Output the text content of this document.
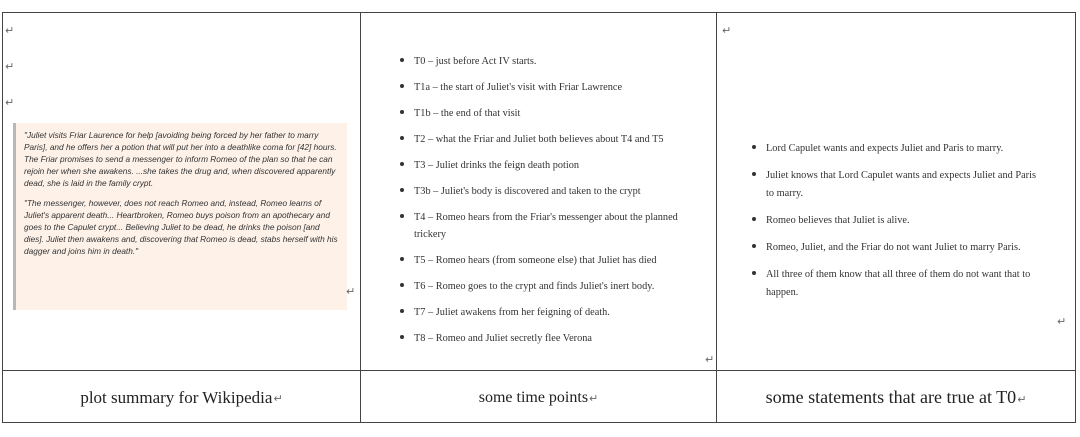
↵
↵
↵

"Juliet visits Friar Laurence for help [avoiding being forced by her father to marry Paris], and he offers her a potion that will put her into a deathlike coma for [42] hours. The Friar promises to send a messenger to inform Romeo of the plan so that he can rejoin her when she awakens. ...she takes the drug and, when discovered apparently dead, she is laid in the family crypt.

"The messenger, however, does not reach Romeo and, instead, Romeo learns of Juliet's apparent death... Heartbroken, Romeo buys poison from an apothecary and goes to the Capulet crypt... Believing Juliet to be dead, he drinks the poison [and dies]. Juliet then awakens and, discovering that Romeo is dead, stabs herself with his dagger and joins him in death."

↵
T0 – just before Act IV starts.
T1a – the start of Juliet's visit with Friar Lawrence
T1b – the end of that visit
T2 – what the Friar and Juliet both believes about T4 and T5
T3 – Juliet drinks the feign death potion
T3b – Juliet's body is discovered and taken to the crypt
T4 – Romeo hears from the Friar's messenger about the planned trickery
T5 – Romeo hears (from someone else) that Juliet has died
T6 – Romeo goes to the crypt and finds Juliet's inert body.
T7 – Juliet awakens from her feigning of death.
T8 – Romeo and Juliet secretly flee Verona
↵
↵
Lord Capulet wants and expects Juliet and Paris to marry.
Juliet knows that Lord Capulet wants and expects Juliet and Paris to marry.
Romeo believes that Juliet is alive.
Romeo, Juliet, and the Friar do not want Juliet to marry Paris.
All three of them know that all three of them do not want that to happen.
↵
plot summary for Wikipedia ↵	some time points ↵	some statements that are true at T0 ↵
